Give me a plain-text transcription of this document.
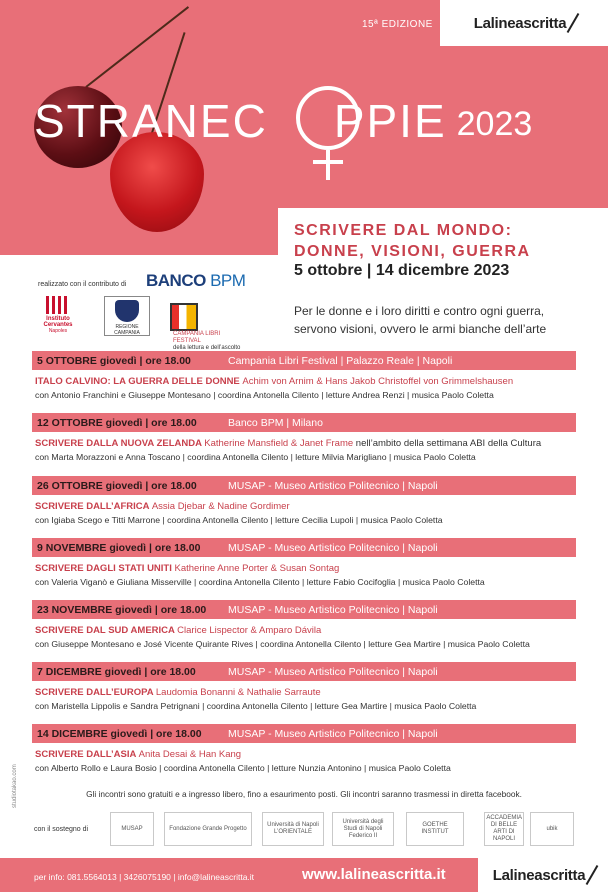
15ª EDIZIONE	Lalineascritta
STRANEC PPIE 2023
SCRIVERE DAL MONDO:
DONNE, VISIONI, GUERRA
5 ottobre | 14 dicembre 2023
Per le donne e i loro diritti e contro ogni guerra,
servono visioni, ovvero le armi bianche dell’arte
realizzato con il contributo di BANCO BPM
Instituto Cervantes
Napoles
REGIONE CAMPANIA	CAMPANIA LIBRI FESTIVAL
della lettura e dell’ascolto
5 OTTOBRE giovedì | ore 18.00	Campania Libri Festival | Palazzo Reale | Napoli
ITALO CALVINO: LA GUERRA DELLE DONNE Achim von Arnim & Hans Jakob Christoffel von Grimmelshausen
con Antonio Franchini e Giuseppe Montesano | coordina Antonella Cilento | letture Andrea Renzi | musica Paolo Coletta
12 OTTOBRE giovedì | ore 18.00	Banco BPM | Milano
SCRIVERE DALLA NUOVA ZELANDA Katherine Mansfield & Janet Frame nell’ambito della settimana ABI della Cultura
con Marta Morazzoni e Anna Toscano | coordina Antonella Cilento | letture Milvia Marigliano | musica Paolo Coletta
26 OTTOBRE giovedì | ore 18.00	MUSAP - Museo Artistico Politecnico | Napoli
SCRIVERE DALL’AFRICA Assia Djebar & Nadine Gordimer
con Igiaba Scego e Titti Marrone | coordina Antonella Cilento | letture Cecilia Lupoli | musica Paolo Coletta
9 NOVEMBRE giovedì | ore 18.00	MUSAP - Museo Artistico Politecnico | Napoli
SCRIVERE DAGLI STATI UNITI Katherine Anne Porter & Susan Sontag
con Valeria Viganò e Giuliana Misserville | coordina Antonella Cilento | letture Fabio Cocifoglia | musica Paolo Coletta
23 NOVEMBRE giovedì | ore 18.00 MUSAP - Museo Artistico Politecnico | Napoli
SCRIVERE DAL SUD AMERICA Clarice Lispector & Amparo Dávila
con Giuseppe Montesano e José Vicente Quirante Rives | coordina Antonella Cilento | letture Gea Martire | musica Paolo Coletta
7 DICEMBRE giovedì | ore 18.00	MUSAP - Museo Artistico Politecnico | Napoli
SCRIVERE DALL’EUROPA Laudomia Bonanni & Nathalie Sarraute
con Maristella Lippolis e Sandra Petrignani | coordina Antonella Cilento | letture Gea Martire | musica Paolo Coletta
14 DICEMBRE giovedì | ore 18.00	MUSAP - Museo Artistico Politecnico | Napoli
SCRIVERE DALL’ASIA Anita Desai & Han Kang
con Alberto Rollo e Laura Bosio | coordina Antonella Cilento | letture Nunzia Antonino | musica Paolo Coletta
Gli incontri sono gratuiti e a ingresso libero, fino a esaurimento posti. Gli incontri saranno trasmessi in diretta facebook.
studiotakao.com
con il sostegno di	MUSAP	Fondazione Grande Progetto
Università di Napoli L’ORIENTALE
Università degli Studi di Napoli Federico II
GOETHE INSTITUT
ACCADEMIA DI BELLE ARTI DI NAPOLI
ubik
per info: 081.5564013 | 3426075190 | info@lalineascritta.it	www.lalineascritta.it	Lalineascritta
